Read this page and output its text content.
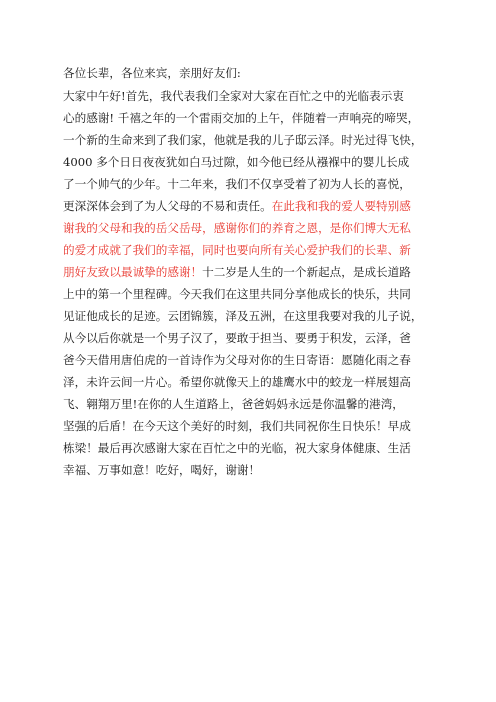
各位长辈，各位来宾，亲朋好友们:
大家中午好!首先，我代表我们全家对大家在百忙之中的光临表示衷
心的感谢! 千禧之年的一个雷雨交加的上午，伴随着一声响亮的啼哭，
一个新的生命来到了我们家，他就是我的儿子邸云泽。时光过得飞快，
4000 多个日日夜夜犹如白马过隙，如今他已经从襁褓中的婴儿长成
了一个帅气的少年。十二年来，我们不仅享受着了初为人长的喜悦，
更深深体会到了为人父母的不易和责任。在此我和我的爱人要特别感
谢我的父母和我的岳父岳母，感谢你们的养育之恩，是你们博大无私
的爱才成就了我们的幸福，同时也要向所有关心爱护我们的长辈、新
朋好友致以最诚挚的感谢！十二岁是人生的一个新起点，是成长道路
上中的第一个里程碑。今天我们在这里共同分享他成长的快乐，共同
见证他成长的足迹。云团锦簇，泽及五洲，在这里我要对我的儿子说，
从今以后你就是一个男子汉了，要敢于担当、要勇于积发，云泽，爸
爸今天借用唐伯虎的一首诗作为父母对你的生日寄语：愿随化雨之春
泽，未许云间一片心。希望你就像天上的雄鹰水中的蛟龙一样展翅高
飞、翱翔万里!在你的人生道路上，爸爸妈妈永远是你温馨的港湾，
坚强的后盾！在今天这个美好的时刻，我们共同祝你生日快乐！早成
栋梁！最后再次感谢大家在百忙之中的光临，祝大家身体健康、生活
幸福、万事如意！吃好，喝好，谢谢！
